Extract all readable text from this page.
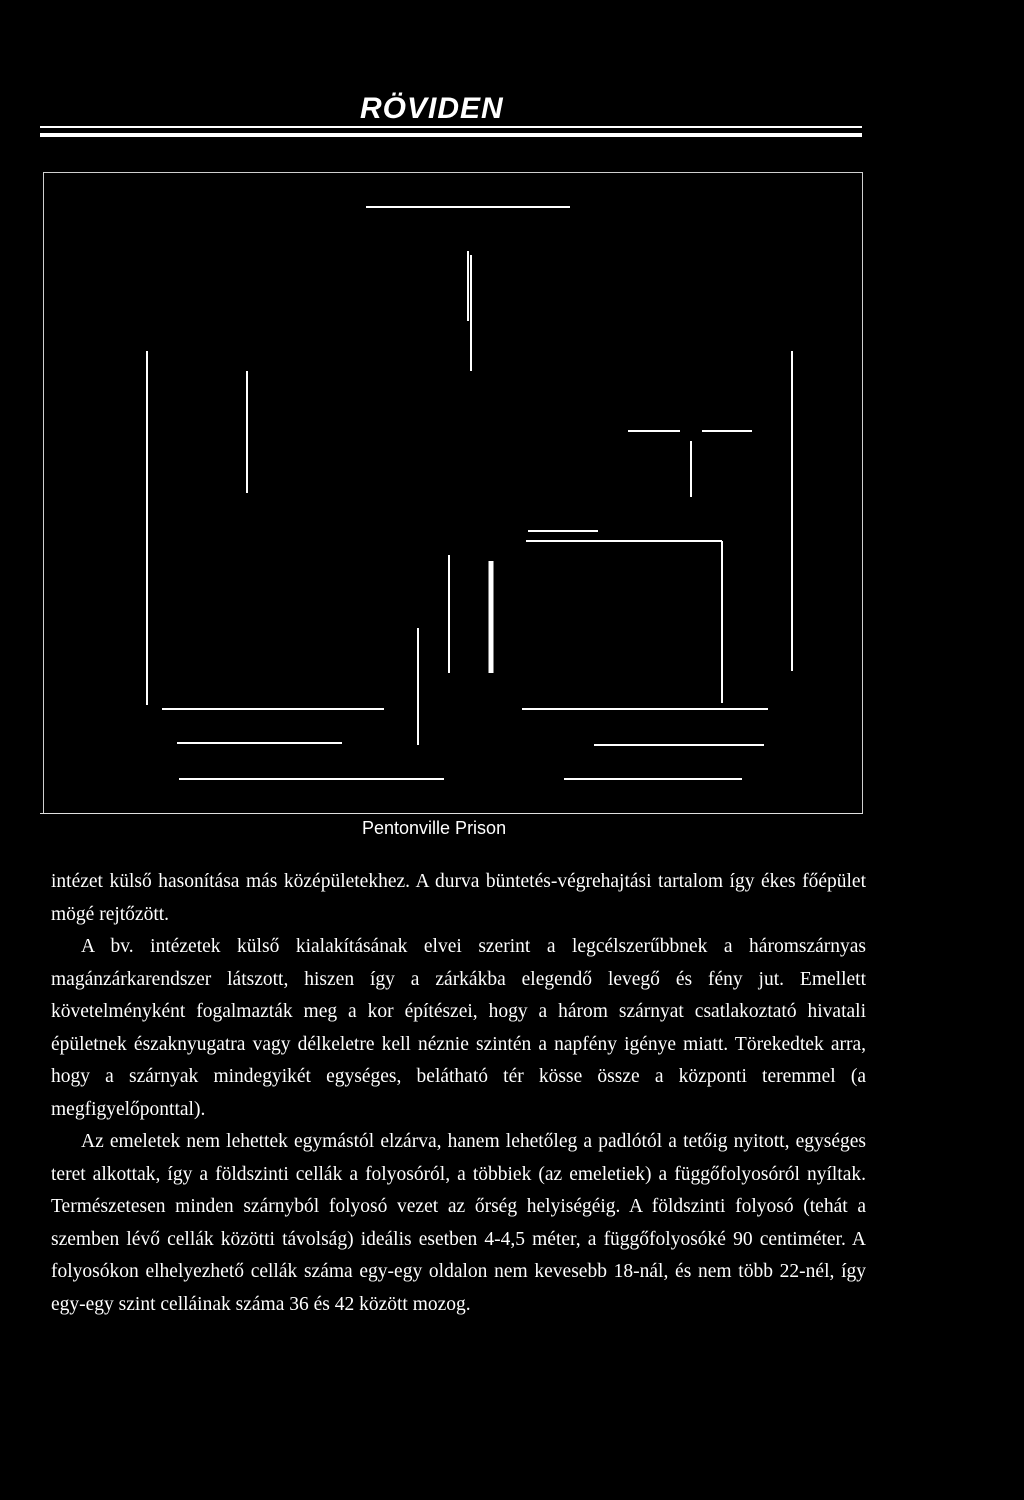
RÖVIDEN
Pentonville Prison

intézet külső hasonítása más középületekhez. A durva büntetés-végrehajtási tartalom így ékes főépület mögé rejtőzött.

A bv. intézetek külső kialakításának elvei szerint a legcélszerűbbnek a háromszárnyas magánzárkarendszer látszott, hiszen így a zárkákba elegendő levegő és fény jut. Emellett követelményként fogalmazták meg a kor építészei, hogy a három szárnyat csatlakoztató hivatali épületnek északnyugatra vagy délkeletre kell néznie szintén a napfény igénye miatt. Törekedtek arra, hogy a szárnyak mindegyikét egységes, belátható tér kösse össze a központi teremmel (a megfigyelőponttal).

Az emeletek nem lehettek egymástól elzárva, hanem lehetőleg a padlótól a tetőig nyitott, egységes teret alkottak, így a földszinti cellák a folyosóról, a többiek (az emeletiek) a függőfolyosóról nyíltak. Természetesen minden szárnyból folyosó vezet az őrség helyiségéig. A földszinti folyosó (tehát a szemben lévő cellák közötti távolság) ideális esetben 4-4,5 méter, a függőfolyosóké 90 centiméter. A folyosókon elhelyezhető cellák száma egy-egy oldalon nem kevesebb 18-nál, és nem több 22-nél, így egy-egy szint celláinak száma 36 és 42 között mozog.
